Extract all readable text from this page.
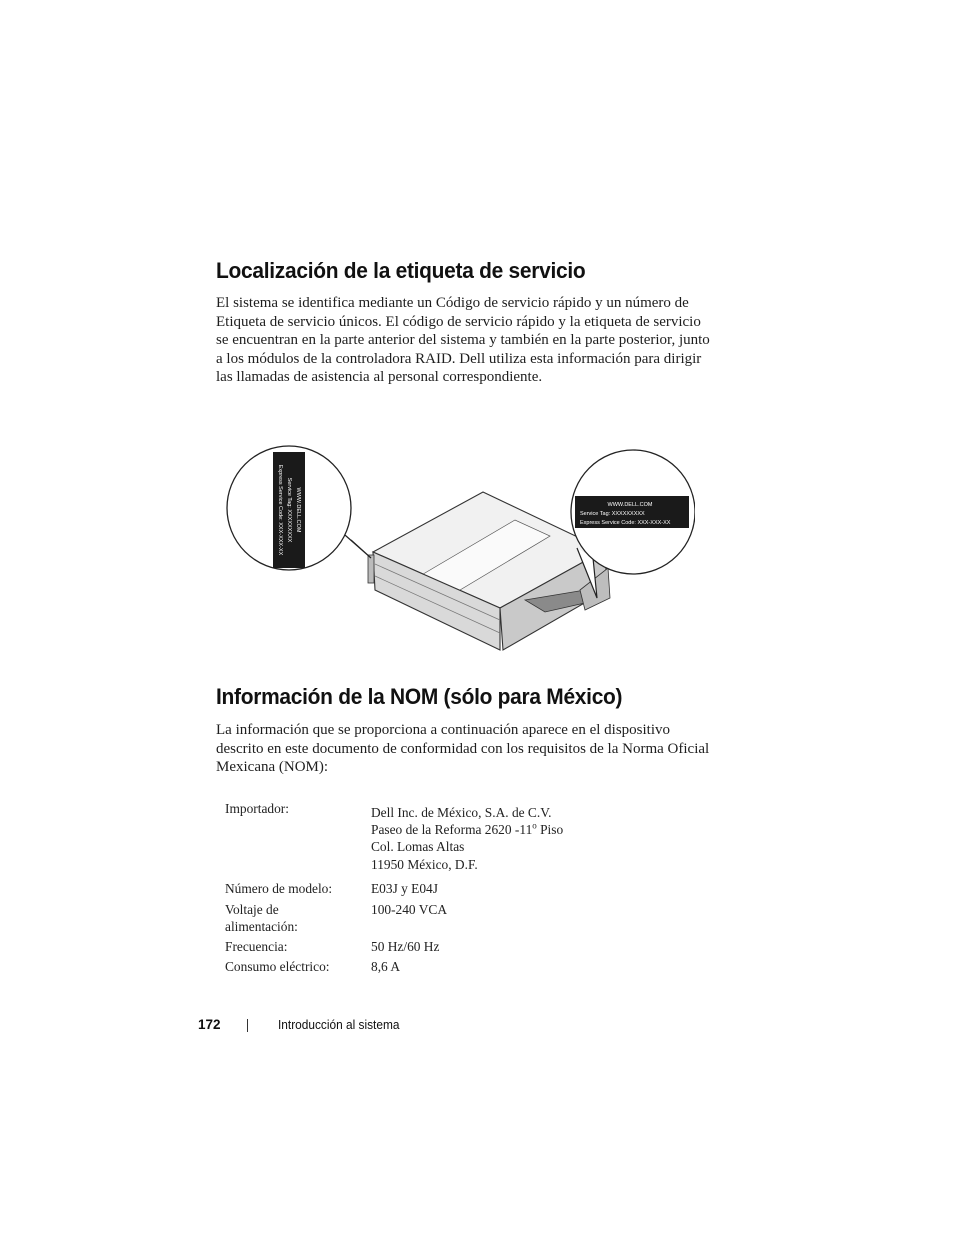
Localización de la etiqueta de servicio

El sistema se identifica mediante un Código de servicio rápido y un número de Etiqueta de servicio únicos. El código de servicio rápido y la etiqueta de servicio se encuentran en la parte anterior del sistema y también en la parte posterior, junto a los módulos de la controladora RAID. Dell utiliza esta información para dirigir las llamadas de asistencia al personal correspondiente.

WWW.DELL.COM
Service Tag: XXXXXXXXX
Express Service Code: XXX-XXX-XX	WWW.DELL.COM
Service Tag: XXXXXXXXX
Express Service Code: XXX-XXX-XX
Información de la NOM (sólo para México)

La información que se proporciona a continuación aparece en el dispositivo descrito en este documento de conformidad con los requisitos de la Norma Oficial Mexicana (NOM):

Importador:	Dell Inc. de México, S.A. de C.V.
Paseo de la Reforma 2620 -11$^o$ Piso
Col. Lomas Altas
11950 México, D.F.
Número de modelo:	E03J y E04J
Voltaje de
alimentación:
100-240 VCA
Frecuencia:	50 Hz/60 Hz
Consumo eléctrico:	8,6 A
172	Introducción al sistema
